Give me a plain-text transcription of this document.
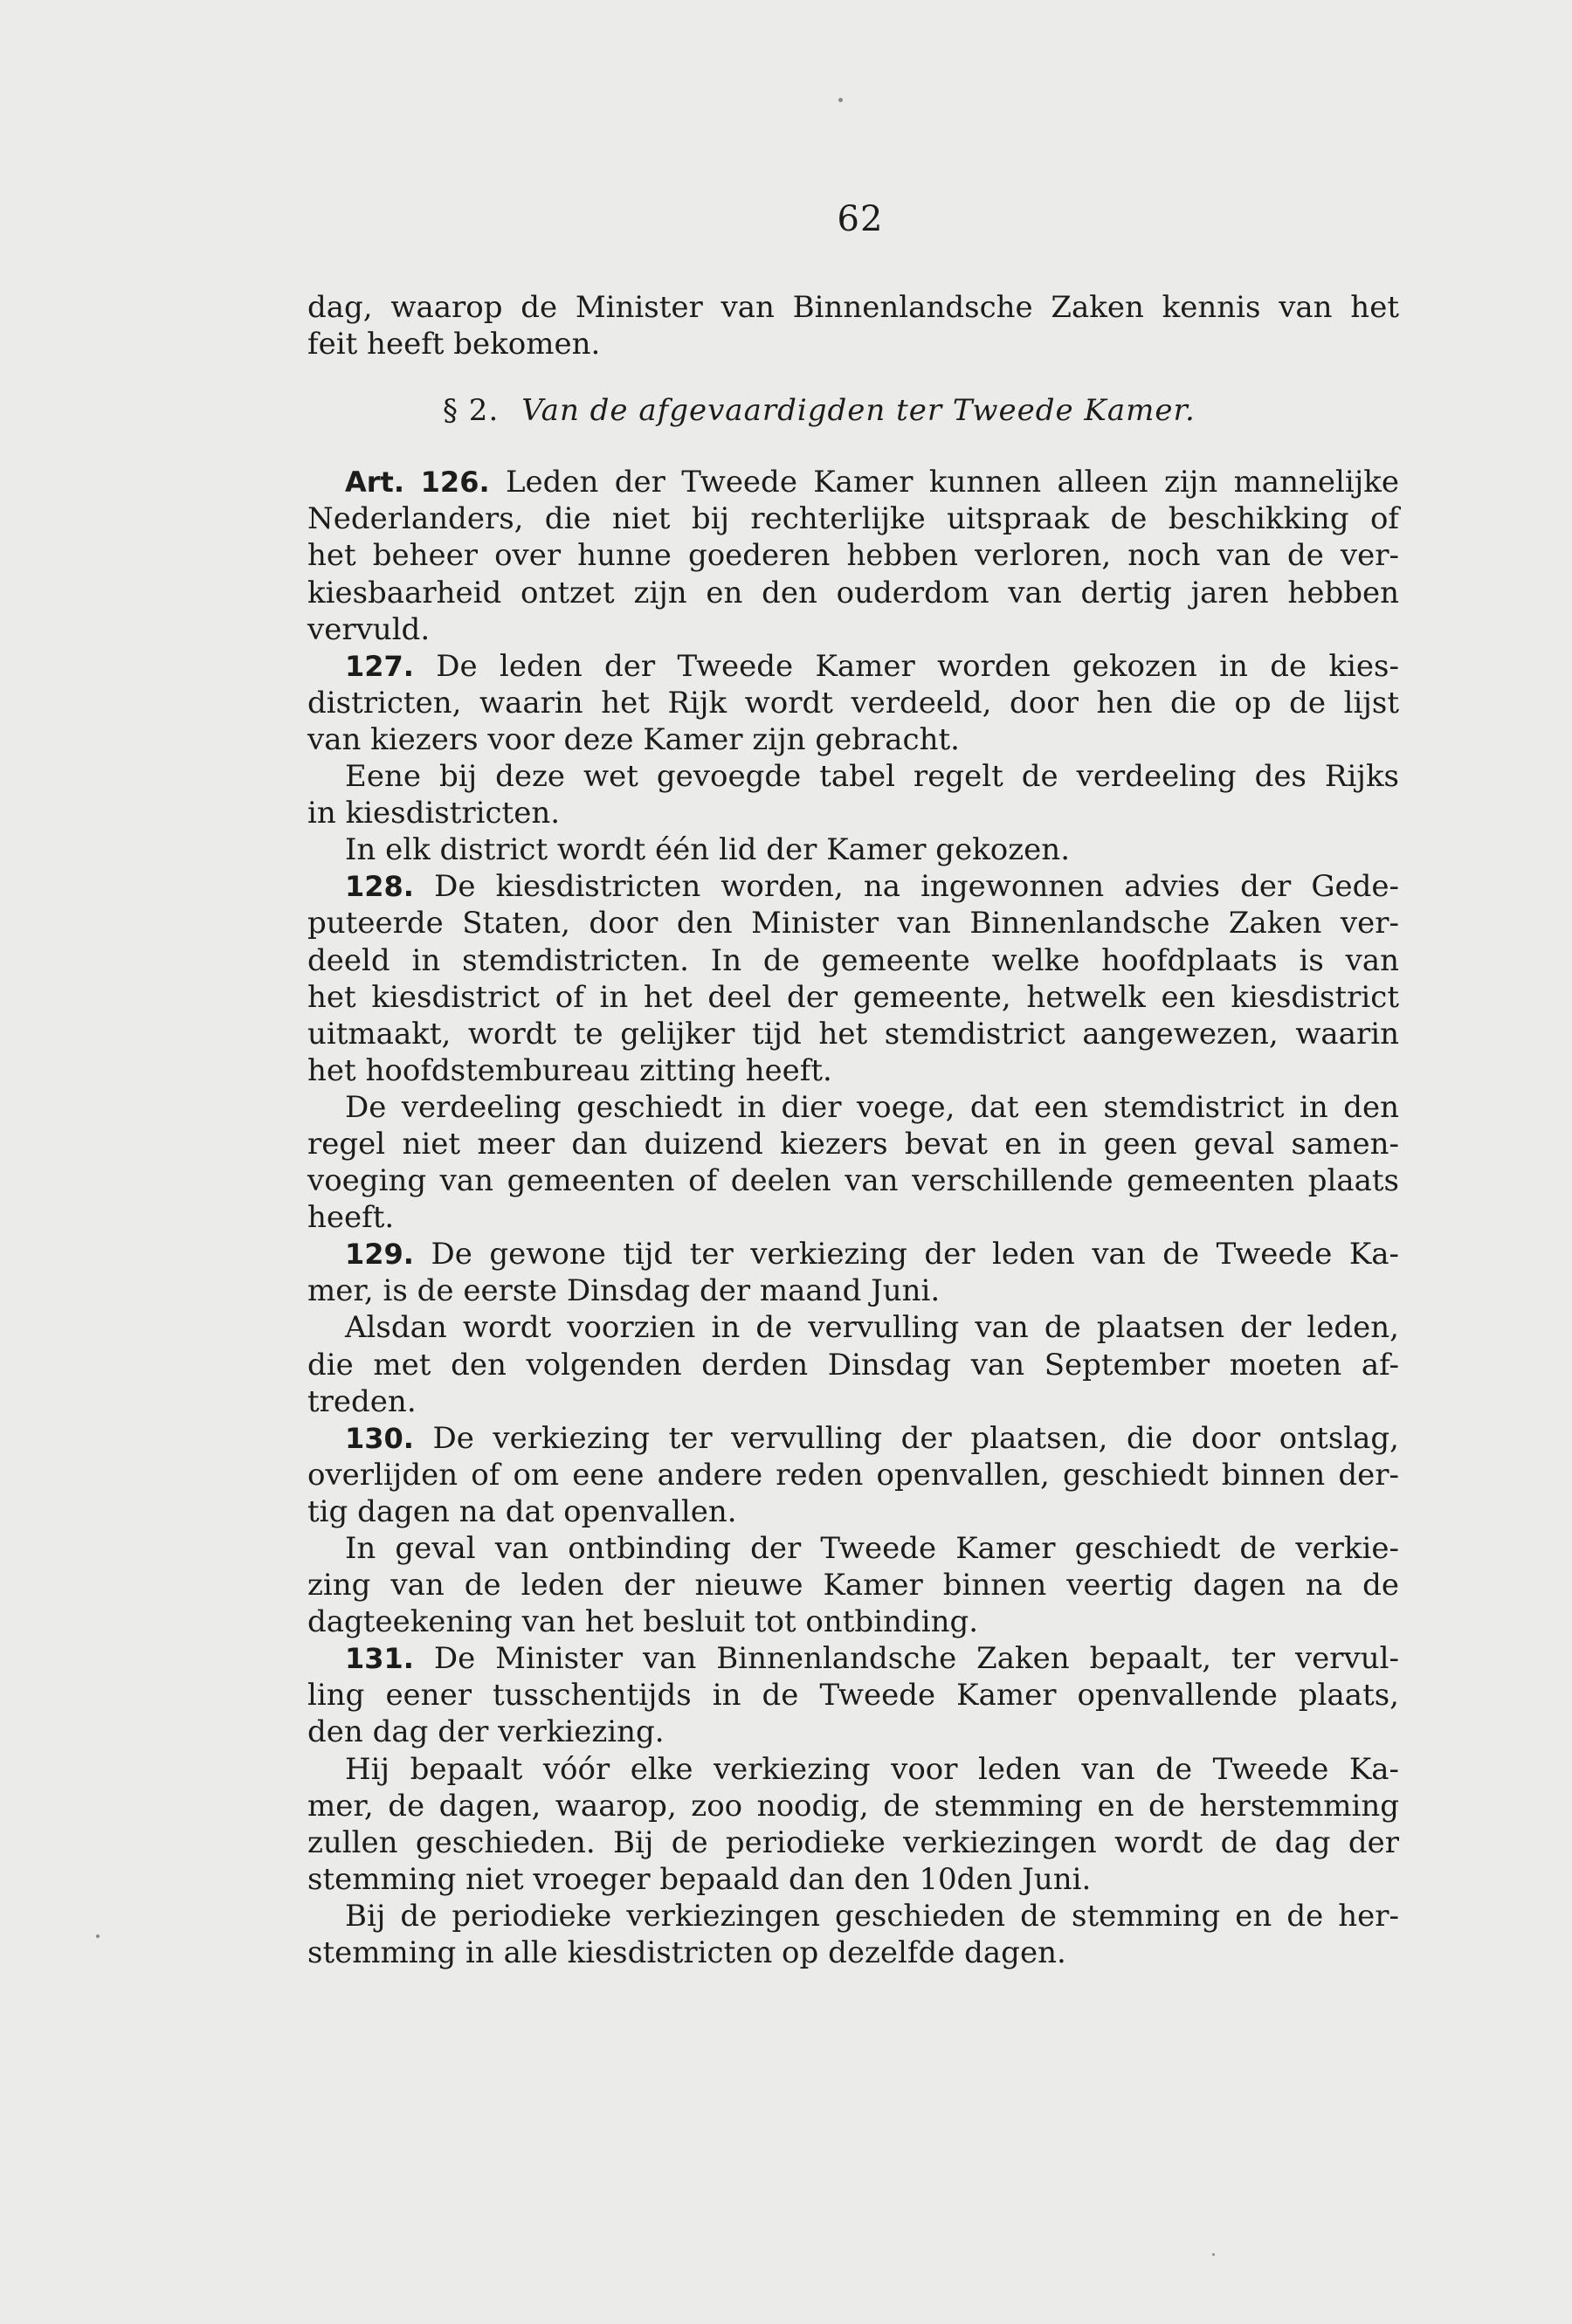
62
dag, waarop de Minister van Binnenlandsche Zaken kennis van het
feit heeft bekomen.
§ 2. Van de afgevaardigden ter Tweede Kamer.
Art. 126. Leden der Tweede Kamer kunnen alleen zijn mannelijke
Nederlanders, die niet bij rechterlijke uitspraak de beschikking of
het beheer over hunne goederen hebben verloren, noch van de ver-
kiesbaarheid ontzet zijn en den ouderdom van dertig jaren hebben
vervuld.
127. De leden der Tweede Kamer worden gekozen in de kies-
districten, waarin het Rijk wordt verdeeld, door hen die op de lijst
van kiezers voor deze Kamer zijn gebracht.
Eene bij deze wet gevoegde tabel regelt de verdeeling des Rijks
in kiesdistricten.
In elk district wordt één lid der Kamer gekozen.
128. De kiesdistricten worden, na ingewonnen advies der Gede-
puteerde Staten, door den Minister van Binnenlandsche Zaken ver-
deeld in stemdistricten. In de gemeente welke hoofdplaats is van
het kiesdistrict of in het deel der gemeente, hetwelk een kiesdistrict
uitmaakt, wordt te gelijker tijd het stemdistrict aangewezen, waarin
het hoofdstembureau zitting heeft.
De verdeeling geschiedt in dier voege, dat een stemdistrict in den
regel niet meer dan duizend kiezers bevat en in geen geval samen-
voeging van gemeenten of deelen van verschillende gemeenten plaats
heeft.
129. De gewone tijd ter verkiezing der leden van de Tweede Ka-
mer, is de eerste Dinsdag der maand Juni.
Alsdan wordt voorzien in de vervulling van de plaatsen der leden,
die met den volgenden derden Dinsdag van September moeten af-
treden.
130. De verkiezing ter vervulling der plaatsen, die door ontslag,
overlijden of om eene andere reden openvallen, geschiedt binnen der-
tig dagen na dat openvallen.
In geval van ontbinding der Tweede Kamer geschiedt de verkie-
zing van de leden der nieuwe Kamer binnen veertig dagen na de
dagteekening van het besluit tot ontbinding.
131. De Minister van Binnenlandsche Zaken bepaalt, ter vervul-
ling eener tusschentijds in de Tweede Kamer openvallende plaats,
den dag der verkiezing.
Hij bepaalt vóór elke verkiezing voor leden van de Tweede Ka-
mer, de dagen, waarop, zoo noodig, de stemming en de herstemming
zullen geschieden. Bij de periodieke verkiezingen wordt de dag der
stemming niet vroeger bepaald dan den 10den Juni.
Bij de periodieke verkiezingen geschieden de stemming en de her-
stemming in alle kiesdistricten op dezelfde dagen.
